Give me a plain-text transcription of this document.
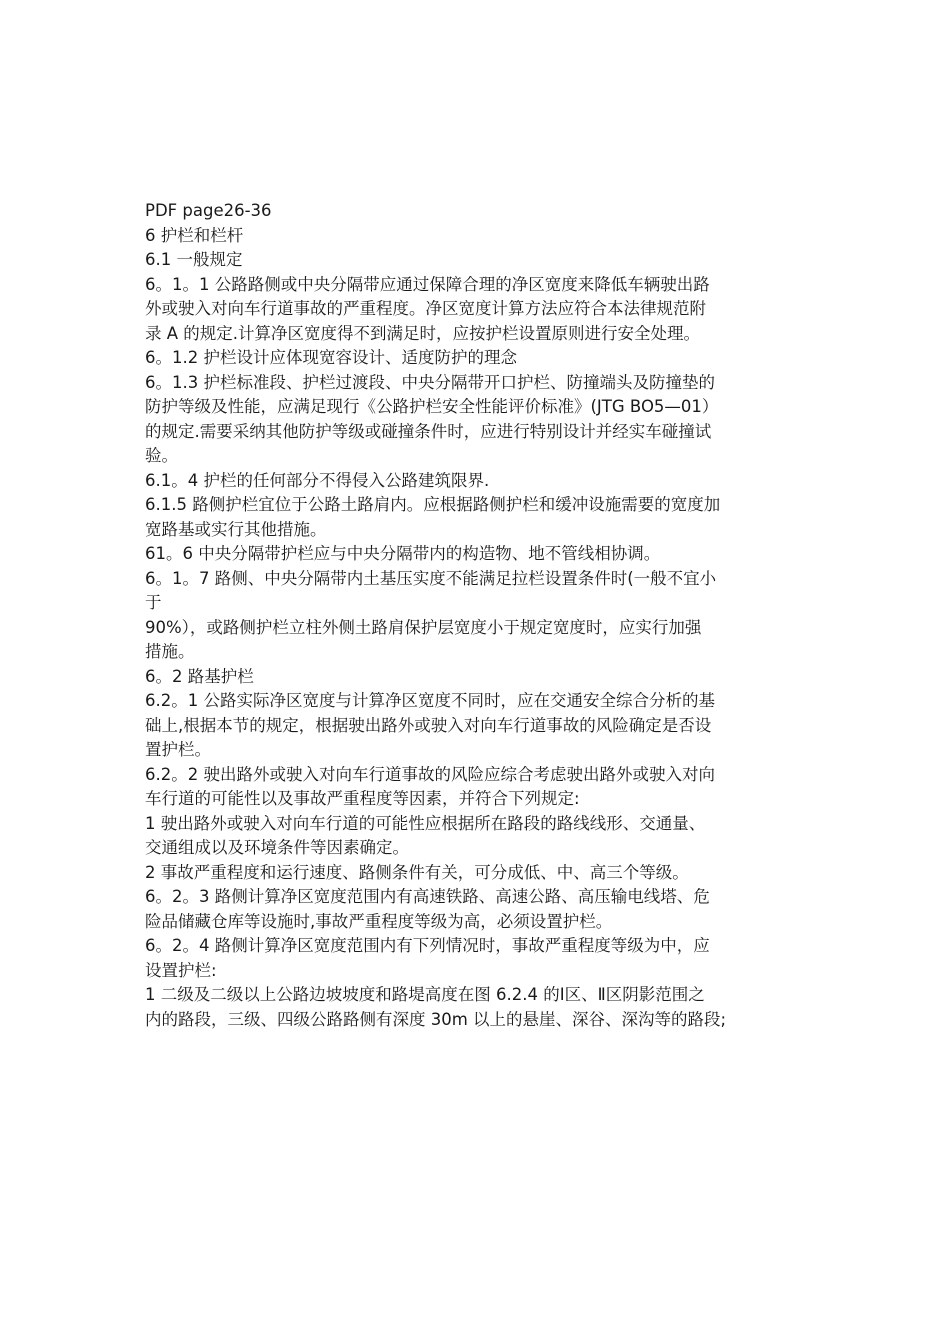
PDF page26-36
6 护栏和栏杆
6.1 一般规定
6。1。1 公路路侧或中央分隔带应通过保障合理的净区宽度来降低车辆驶出路
外或驶入对向车行道事故的严重程度。净区宽度计算方法应符合本法律规范附
录 A 的规定.计算净区宽度得不到满足时，应按护栏设置原则进行安全处理。
6。1.2 护栏设计应体现宽容设计、适度防护的理念
6。1.3 护栏标准段、护栏过渡段、中央分隔带开口护栏、防撞端头及防撞垫的
防护等级及性能，应满足现行《公路护栏安全性能评价标准》(JTG BO5—01）
的规定.需要采纳其他防护等级或碰撞条件时，应进行特别设计并经实车碰撞试
验。
6.1。4 护栏的任何部分不得侵入公路建筑限界.
6.1.5 路侧护栏宜位于公路土路肩内。应根据路侧护栏和缓冲设施需要的宽度加
宽路基或实行其他措施。
61。6 中央分隔带护栏应与中央分隔带内的构造物、地不管线相协调。
6。1。7 路侧、中央分隔带内土基压实度不能满足拉栏设置条件时(一般不宜小
于
90%），或路侧护栏立柱外侧土路肩保护层宽度小于规定宽度时，应实行加强
措施。
6。2 路基护栏
6.2。1 公路实际净区宽度与计算净区宽度不同时，应在交通安全综合分析的基
础上,根据本节的规定，根据驶出路外或驶入对向车行道事故的风险确定是否设
置护栏。
6.2。2 驶出路外或驶入对向车行道事故的风险应综合考虑驶出路外或驶入对向
车行道的可能性以及事故严重程度等因素，并符合下列规定:
1 驶出路外或驶入对向车行道的可能性应根据所在路段的路线线形、交通量、
交通组成以及环境条件等因素确定。
2 事故严重程度和运行速度、路侧条件有关，可分成低、中、高三个等级。
6。2。3 路侧计算净区宽度范围内有高速铁路、高速公路、高压输电线塔、危
险品储藏仓库等设施时,事故严重程度等级为高，必须设置护栏。
6。2。4 路侧计算净区宽度范围内有下列情况时，事故严重程度等级为中，应
设置护栏:
1 二级及二级以上公路边坡坡度和路堤高度在图 6.2.4 的Ⅰ区、Ⅱ区阴影范围之
内的路段，三级、四级公路路侧有深度 30m 以上的悬崖、深谷、深沟等的路段;
